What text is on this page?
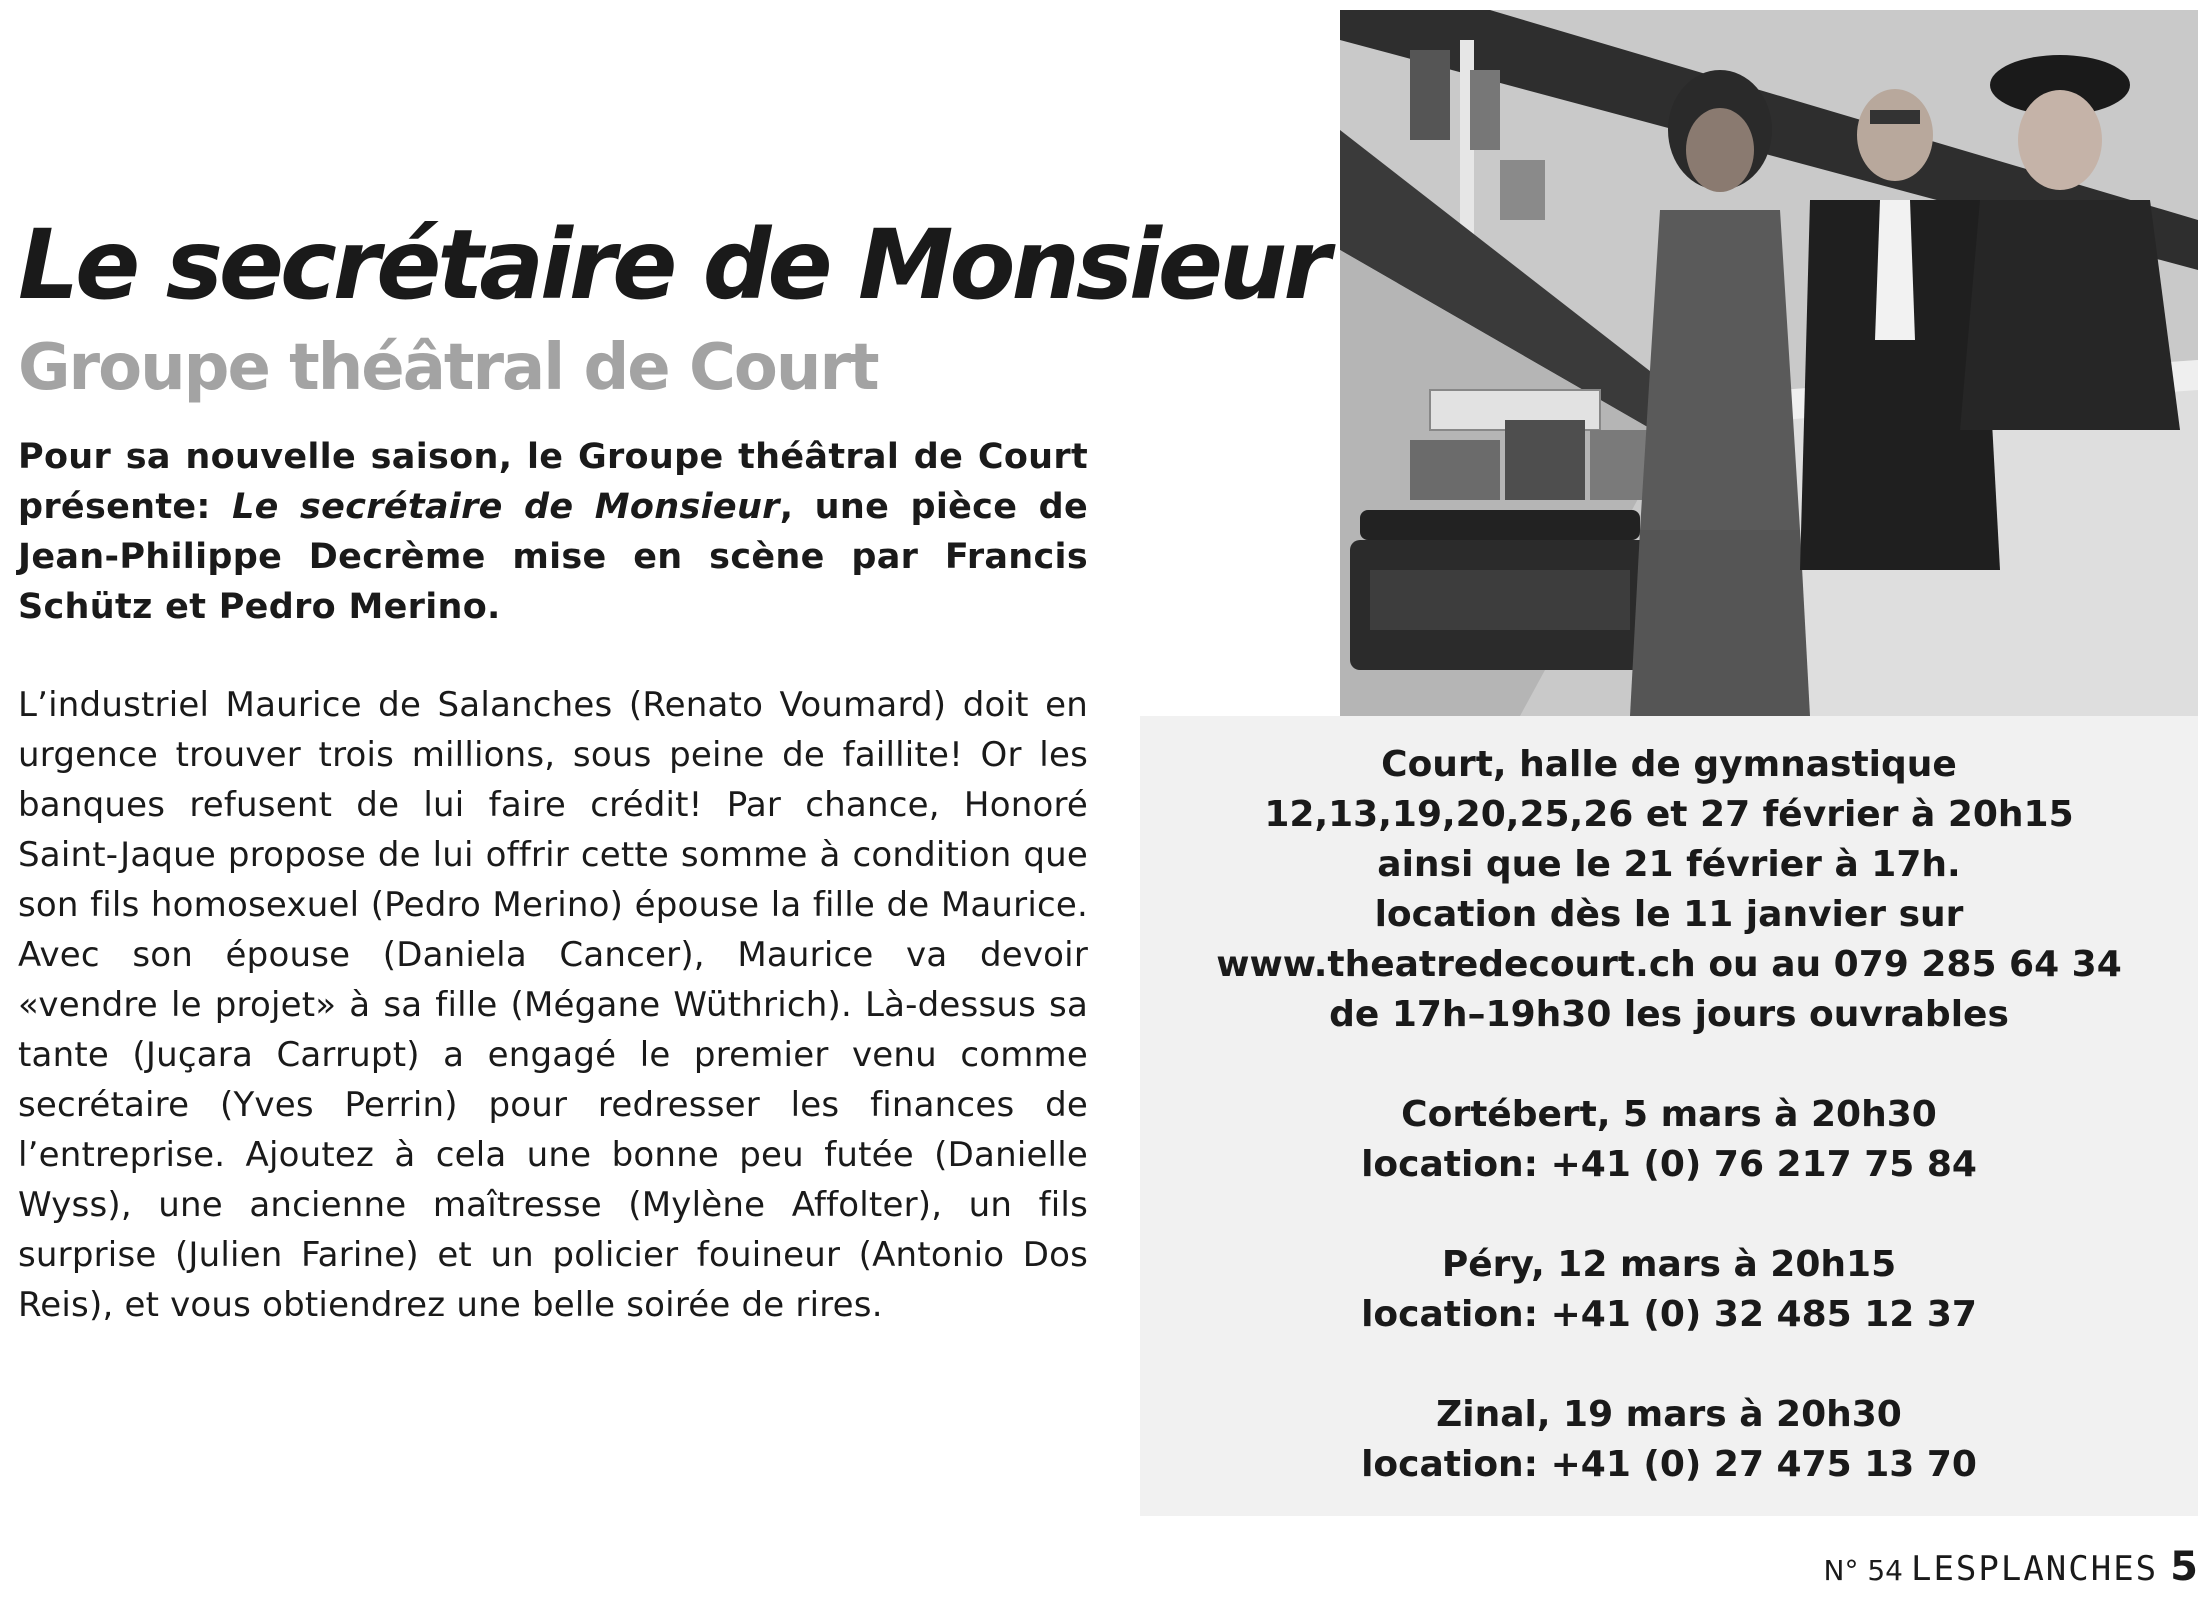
Le secrétaire de Monsieur
Groupe théâtral de Court

Pour sa nouvelle saison, le Groupe théâtral de Court présente: Le secrétaire de Monsieur, une pièce de Jean-Philippe Decrème mise en scène par Francis Schütz et Pedro Merino.

L’industriel Maurice de Salanches (Renato Voumard) doit en urgence trouver trois millions, sous peine de faillite! Or les banques refusent de lui faire crédit! Par chance, Honoré Saint-Jaque propose de lui offrir cette somme à condition que son fils homosexuel (Pedro Merino) épouse la fille de Maurice. Avec son épouse (Daniela Cancer), Maurice va devoir «vendre le projet» à sa fille (Mégane Wüthrich). Là-dessus sa tante (Juçara Carrupt) a engagé le premier venu comme secrétaire (Yves Perrin) pour redresser les finances de l’entreprise. Ajoutez à cela une bonne peu futée (Danielle Wyss), une ancienne maîtresse (Mylène Affolter), un fils surprise (Julien Farine) et un policier fouineur (Antonio Dos Reis), et vous obtiendrez une belle soirée de rires.

Court, halle de gymnastique
12,13,19,20,25,26 et 27 février à 20h15
ainsi que le 21 février à 17h.
location dès le 11 janvier sur
www.theatredecourt.ch ou au 079 285 64 34
de 17h–19h30 les jours ouvrables
Cortébert, 5 mars à 20h30
location: +41 (0) 76 217 75 84
Péry, 12 mars à 20h15
location: +41 (0) 32 485 12 37
Zinal, 19 mars à 20h30
location: +41 (0) 27 475 13 70
N° 54 LESPLANCHES 5
